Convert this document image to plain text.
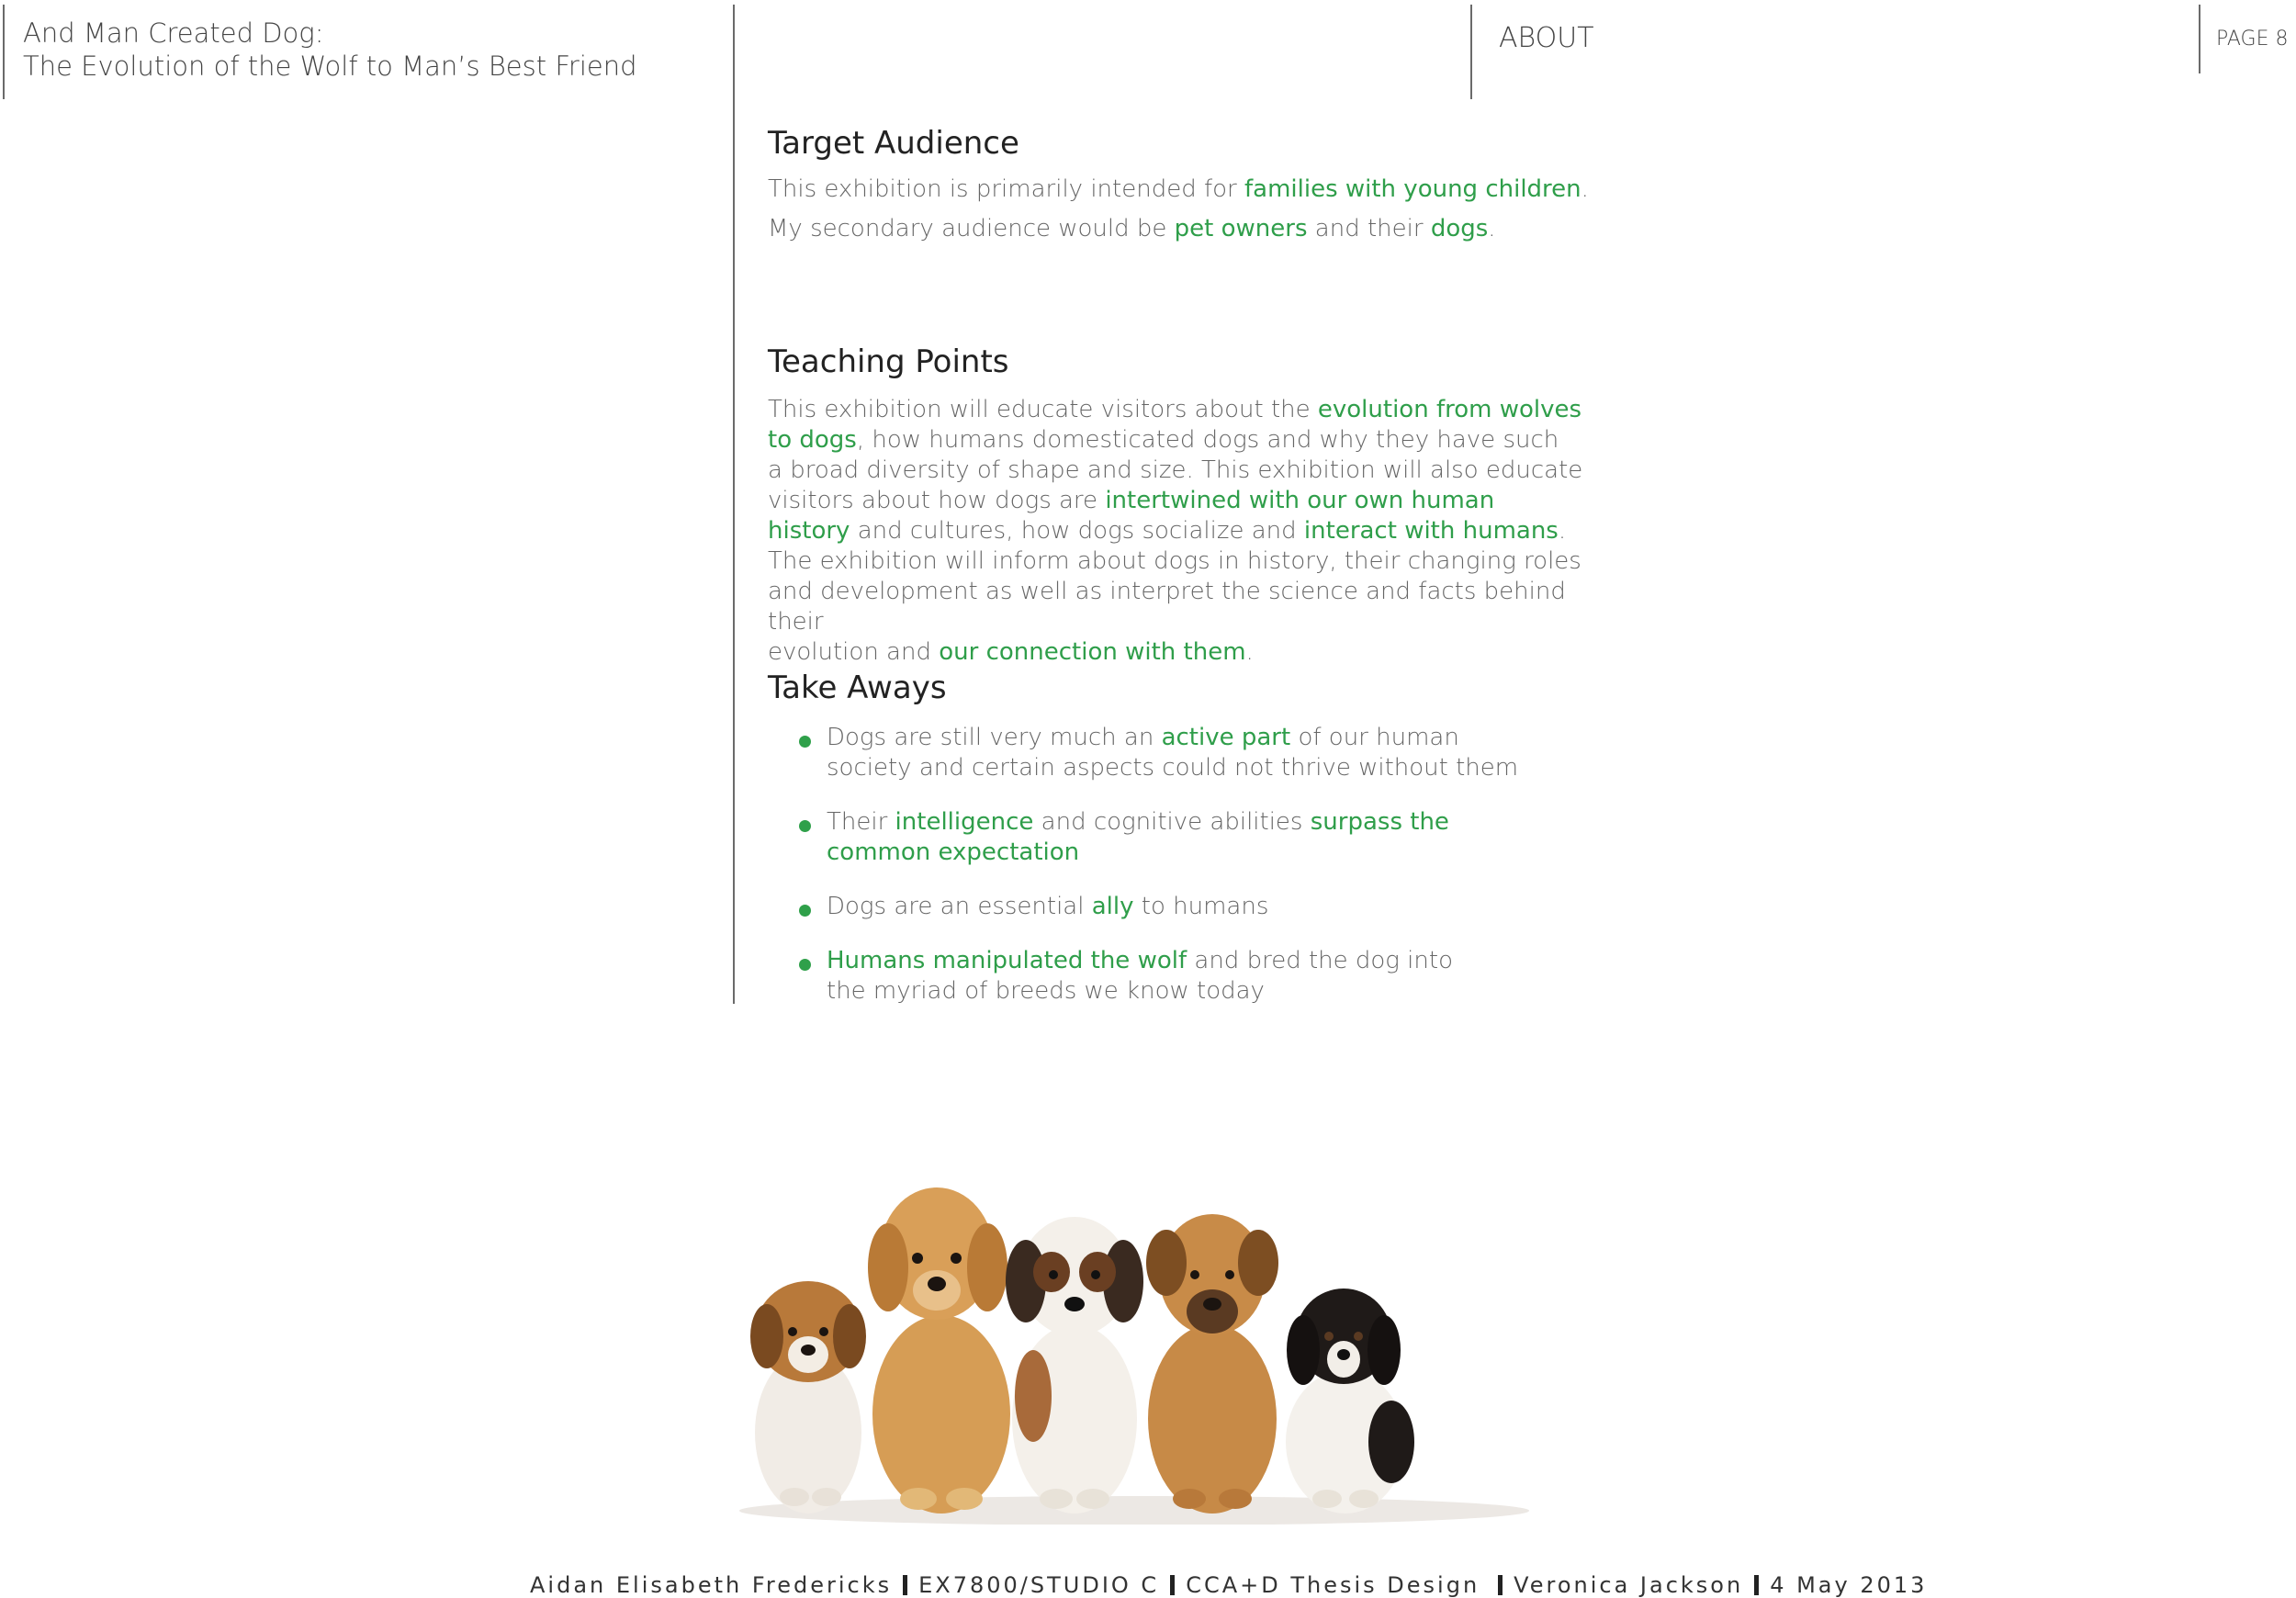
And Man Created Dog:
The Evolution of the Wolf to Man’s Best Friend
ABOUT	PAGE 8
Target Audience
This exhibition is primarily intended for families with young children.
My secondary audience would be pet owners and their dogs.
Teaching Points
This exhibition will educate visitors about the evolution from wolves
to dogs, how humans domesticated dogs and why they have such
a broad diversity of shape and size. This exhibition will also educate
visitors about how dogs are intertwined with our own human
history and cultures, how dogs socialize and interact with humans.
The exhibition will inform about dogs in history, their changing roles
and development as well as interpret the science and facts behind their
evolution and our connection with them.
Take Aways
Dogs are still very much an active part of our human
society and certain aspects could not thrive without them
Their intelligence and cognitive abilities surpass the
common expectation
Dogs are an essential ally to humans
Humans manipulated the wolf and bred the dog into
the myriad of breeds we know today
Aidan Elisabeth Fredericks EX7800/STUDIO C CCA+D Thesis Design Veronica Jackson 4 May 2013
